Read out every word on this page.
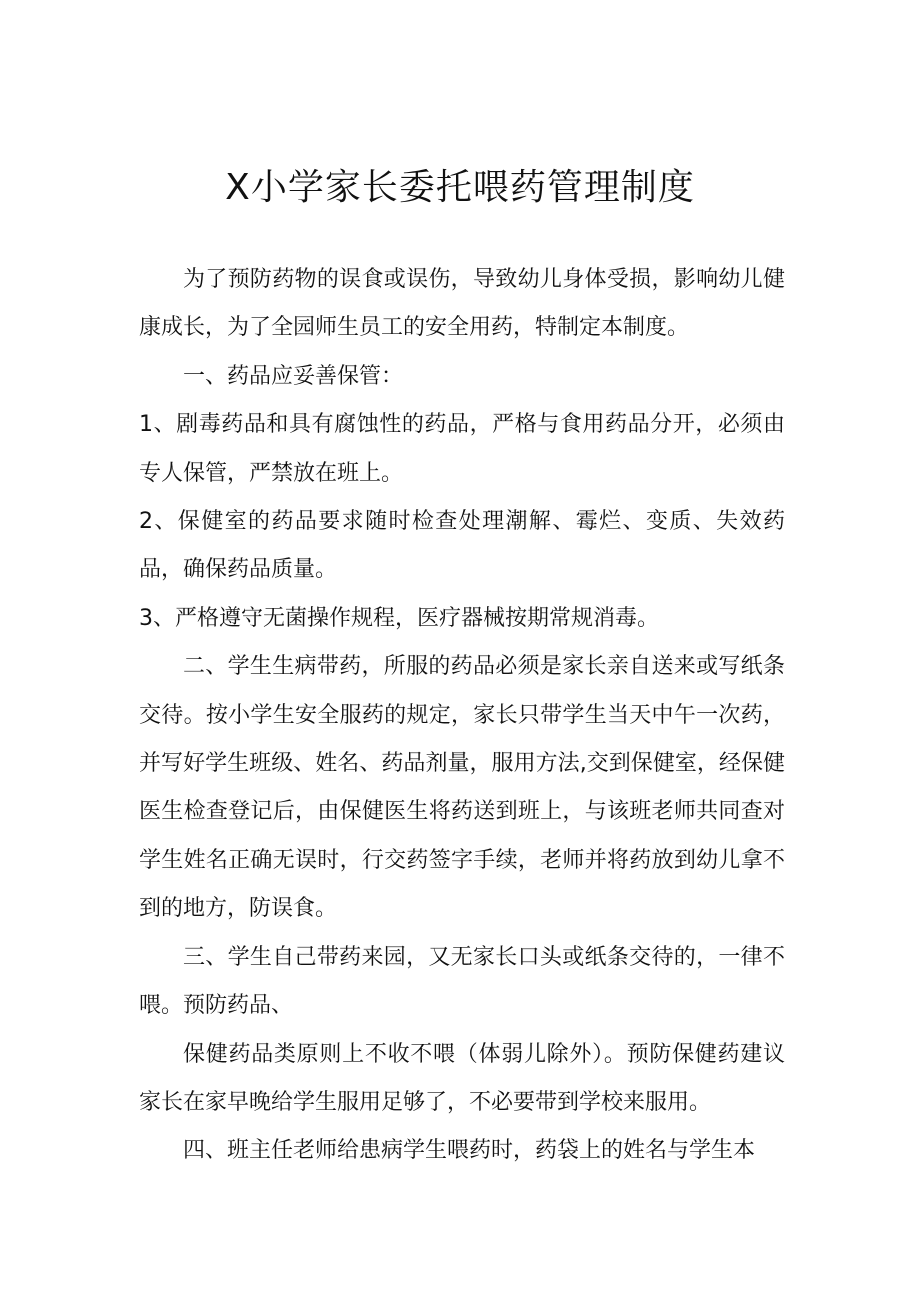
X小学家长委托喂药管理制度

为了预防药物的误食或误伤，导致幼儿身体受损，影响幼儿健康成长，为了全园师生员工的安全用药，特制定本制度。

一、药品应妥善保管：

1、剧毒药品和具有腐蚀性的药品，严格与食用药品分开，必须由专人保管，严禁放在班上。

2、保健室的药品要求随时检查处理潮解、霉烂、变质、失效药品，确保药品质量。

3、严格遵守无菌操作规程，医疗器械按期常规消毒。

二、学生生病带药，所服的药品必须是家长亲自送来或写纸条交待。按小学生安全服药的规定，家长只带学生当天中午一次药，并写好学生班级、姓名、药品剂量，服用方法,交到保健室，经保健医生检查登记后，由保健医生将药送到班上，与该班老师共同查对学生姓名正确无误时，行交药签字手续，老师并将药放到幼儿拿不到的地方，防误食。

三、学生自己带药来园，又无家长口头或纸条交待的，一律不喂。预防药品、

保健药品类原则上不收不喂（体弱儿除外）。预防保健药建议家长在家早晚给学生服用足够了，不必要带到学校来服用。

四、班主任老师给患病学生喂药时，药袋上的姓名与学生本
